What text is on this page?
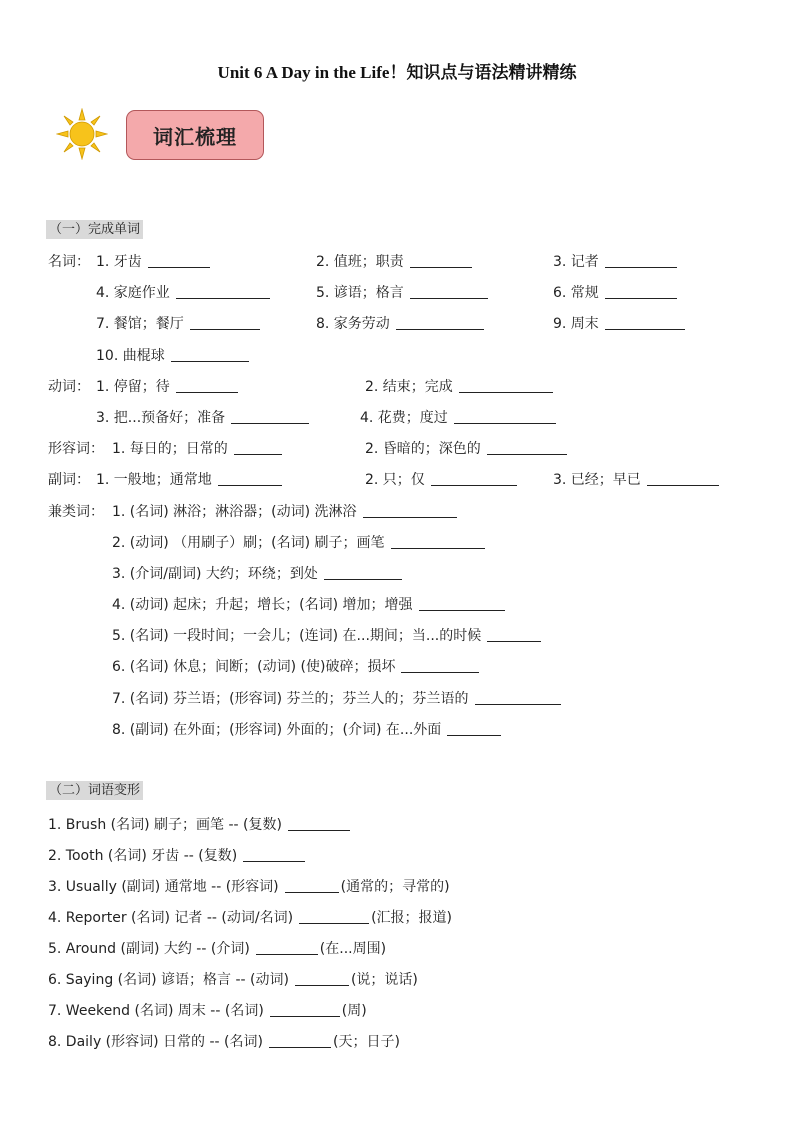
Unit 6 A Day in the Life！知识点与语法精讲精练
词汇梳理
（一）完成单词
名词： 1. 牙齿	2. 值班；职责	3. 记者
4. 家庭作业	5. 谚语；格言	6. 常规
7. 餐馆；餐厅	8. 家务劳动	9. 周末
10. 曲棍球
动词： 1. 停留；待	2. 结束；完成
3. 把...预备好；准备	4. 花费；度过
形容词： 1. 每日的；日常的	2. 昏暗的；深色的
副词： 1. 一般地；通常地	2. 只；仅	3. 已经；早已
兼类词： 1. (名词) 淋浴；淋浴器；(动词) 洗淋浴
2. (动词) （用刷子）刷；(名词) 刷子；画笔
3. (介词/副词) 大约；环绕；到处
4. (动词) 起床；升起；增长；(名词) 增加；增强
5. (名词) 一段时间；一会儿；(连词) 在...期间；当...的时候
6. (名词) 休息；间断；(动词) (使)破碎；损坏
7. (名词) 芬兰语；(形容词) 芬兰的；芬兰人的；芬兰语的
8. (副词) 在外面；(形容词) 外面的；(介词) 在...外面
（二）词语变形
1. Brush (名词) 刷子；画笔 -- (复数)
2. Tooth (名词) 牙齿 -- (复数)
3. Usually (副词) 通常地 -- (形容词)	(通常的；寻常的)
4. Reporter (名词) 记者 -- (动词/名词)	(汇报；报道)
5. Around (副词) 大约 -- (介词)	(在...周围)
6. Saying (名词) 谚语；格言 -- (动词)	(说；说话)
7. Weekend (名词) 周末 -- (名词)	(周)
8. Daily (形容词) 日常的 -- (名词)	(天；日子)
